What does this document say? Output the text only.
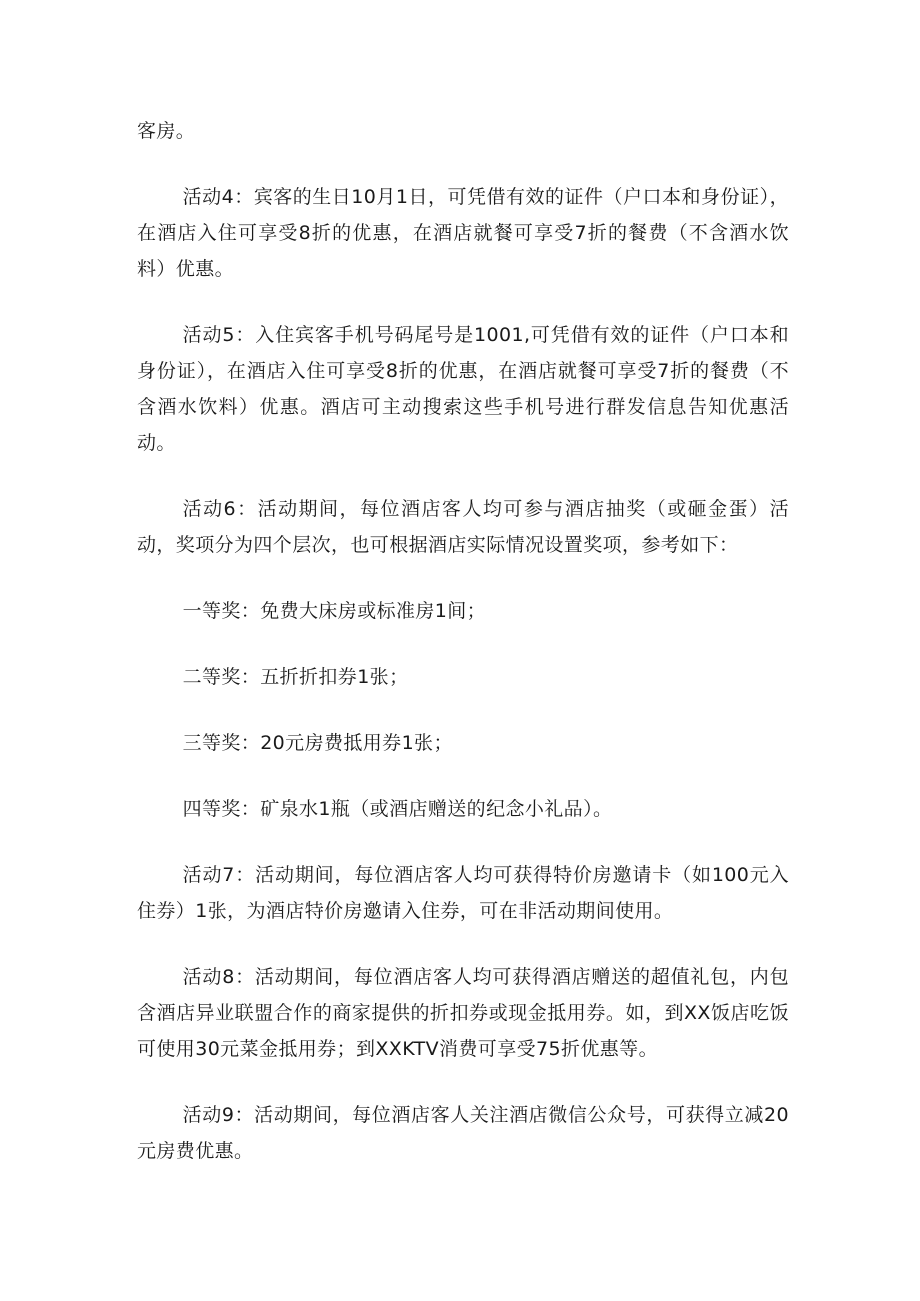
客房。

活动4：宾客的生日10月1日，可凭借有效的证件（户口本和身份证），在酒店入住可享受8折的优惠，在酒店就餐可享受7折的餐费（不含酒水饮料）优惠。

活动5：入住宾客手机号码尾号是1001,可凭借有效的证件（户口本和身份证），在酒店入住可享受8折的优惠，在酒店就餐可享受7折的餐费（不含酒水饮料）优惠。酒店可主动搜索这些手机号进行群发信息告知优惠活动。

活动6：活动期间，每位酒店客人均可参与酒店抽奖（或砸金蛋）活动，奖项分为四个层次，也可根据酒店实际情况设置奖项，参考如下：

一等奖：免费大床房或标准房1间；

二等奖：五折折扣券1张；

三等奖：20元房费抵用券1张；

四等奖：矿泉水1瓶（或酒店赠送的纪念小礼品）。

活动7：活动期间，每位酒店客人均可获得特价房邀请卡（如100元入住券）1张，为酒店特价房邀请入住券，可在非活动期间使用。

活动8：活动期间，每位酒店客人均可获得酒店赠送的超值礼包，内包含酒店异业联盟合作的商家提供的折扣券或现金抵用券。如，到XX饭店吃饭可使用30元菜金抵用券；到XXKTV消费可享受75折优惠等。

活动9：活动期间，每位酒店客人关注酒店微信公众号，可获得立减20元房费优惠。
